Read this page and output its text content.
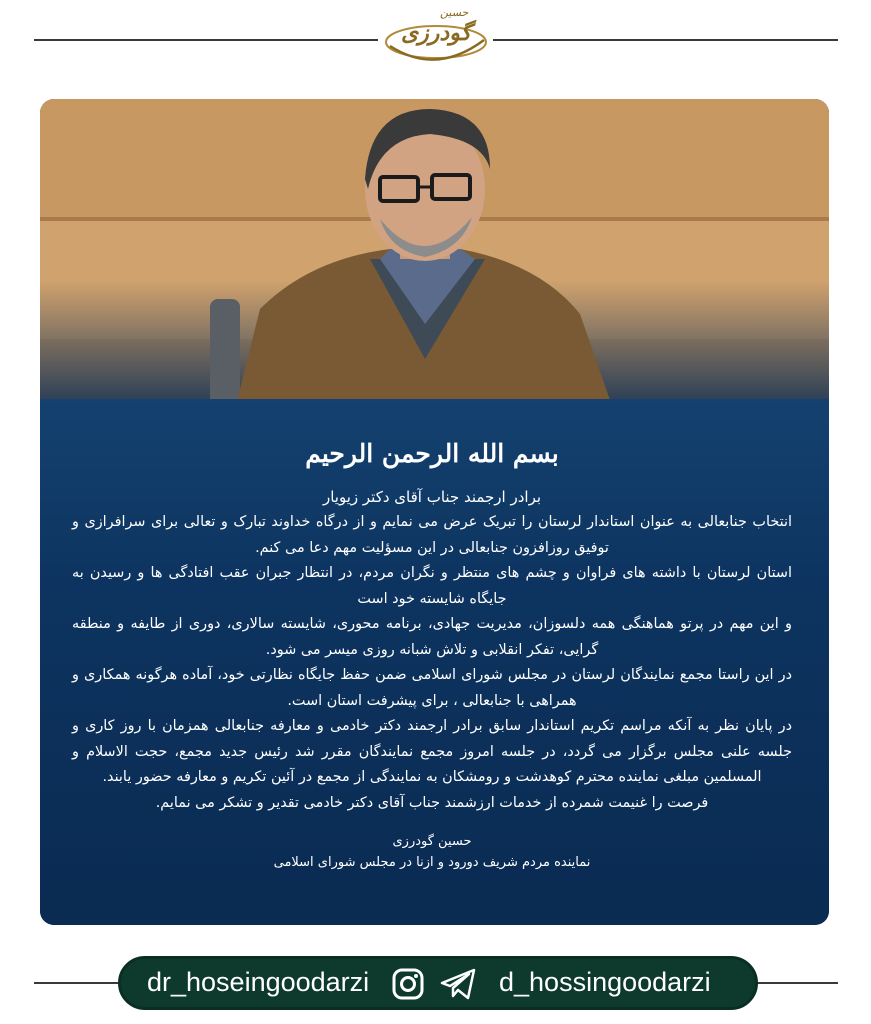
گودرزی
حسین
بسم الله الرحمن الرحیم
برادر ارجمند جناب آقای دکتر زیویار
انتخاب جنابعالی به عنوان استاندار لرستان را تبریک عرض می نمایم و از درگاه خداوند تبارک و تعالی برای سرافرازی و توفیق روزافزون جنابعالی در این مسؤلیت مهم دعا می کنم.
استان لرستان با داشته های فراوان و چشم های منتظر و نگران مردم، در انتظار جبران عقب افتادگی ها و رسیدن به جایگاه شایسته خود است
و این مهم در پرتو هماهنگی همه دلسوزان، مدیریت جهادی، برنامه محوری، شایسته سالاری، دوری از طایفه و منطقه گرایی، تفکر انقلابی و تلاش شبانه روزی میسر می شود.
در این راستا مجمع نمایندگان لرستان در مجلس شورای اسلامی ضمن حفظ جایگاه نظارتی خود، آماده هرگونه همکاری و همراهی با جنابعالی ، برای پیشرفت استان است.
در پایان نظر به آنکه مراسم تکریم استاندار سابق برادر ارجمند دکتر خادمی و معارفه جنابعالی همزمان با روز کاری و جلسه علنی مجلس برگزار می گردد، در جلسه امروز مجمع نمایندگان مقرر شد رئیس جدید مجمع، حجت الاسلام و المسلمین مبلغی نماینده محترم کوهدشت و رومشکان به نمایندگی از مجمع در آئین تکریم و معارفه حضور یابند.
فرصت را غنیمت شمرده از خدمات ارزشمند جناب آقای دکتر خادمی تقدیر و تشکر می نمایم.
حسین گودرزی
نماینده مردم شریف دورود و ازنا در مجلس شورای اسلامی
dr_hoseingoodarzi	d_hossingoodarzi
